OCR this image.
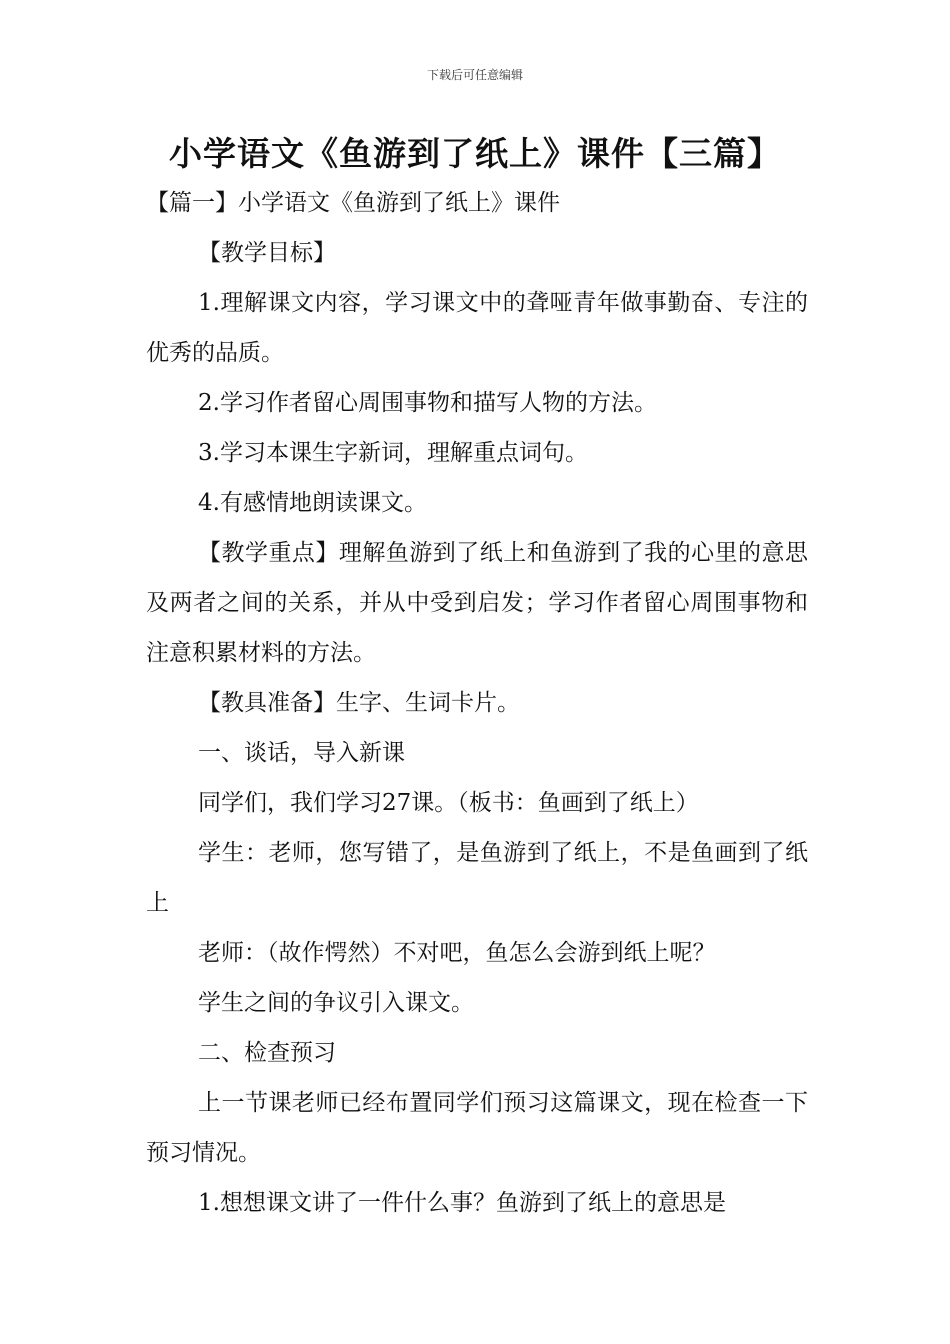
下载后可任意编辑
小学语文《鱼游到了纸上》课件【三篇】

【篇一】小学语文《鱼游到了纸上》课件

【教学目标】

1.理解课文内容，学习课文中的聋哑青年做事勤奋、专注的优秀的品质。

2.学习作者留心周围事物和描写人物的方法。

3.学习本课生字新词，理解重点词句。

4.有感情地朗读课文。

【教学重点】理解鱼游到了纸上和鱼游到了我的心里的意思及两者之间的关系，并从中受到启发；学习作者留心周围事物和注意积累材料的方法。

【教具准备】生字、生词卡片。

一、谈话，导入新课

同学们，我们学习27课。（板书：鱼画到了纸上）

学生：老师，您写错了，是鱼游到了纸上，不是鱼画到了纸上

老师：（故作愕然）不对吧，鱼怎么会游到纸上呢？

学生之间的争议引入课文。

二、检查预习

上一节课老师已经布置同学们预习这篇课文，现在检查一下预习情况。

1.想想课文讲了一件什么事？鱼游到了纸上的意思是
